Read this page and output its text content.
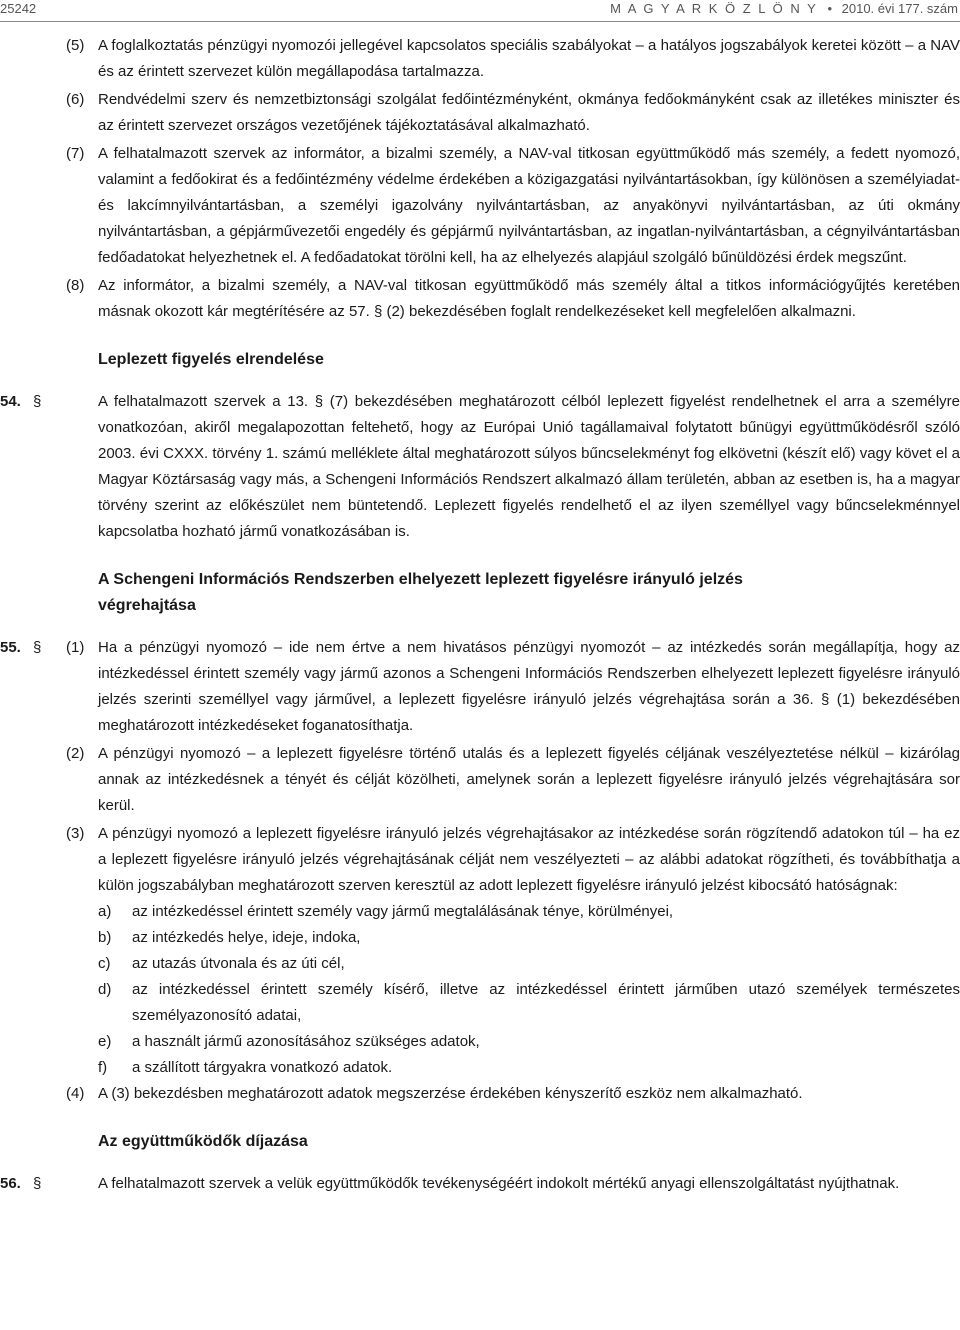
25242	M A G Y A R K Ö Z L Ö N Y • 2010. évi 177. szám
(5) A foglalkoztatás pénzügyi nyomozói jellegével kapcsolatos speciális szabályokat – a hatályos jogszabályok keretei között – a NAV és az érintett szervezet külön megállapodása tartalmazza.
(6) Rendvédelmi szerv és nemzetbiztonsági szolgálat fedőintézményként, okmánya fedőokmányként csak az illetékes miniszter és az érintett szervezet országos vezetőjének tájékoztatásával alkalmazható.
(7) A felhatalmazott szervek az informátor, a bizalmi személy, a NAV-val titkosan együttműködő más személy, a fedett nyomozó, valamint a fedőokirat és a fedőintézmény védelme érdekében a közigazgatási nyilvántartásokban, így különösen a személyiadat- és lakcímnyilvántartásban, a személyi igazolvány nyilvántartásban, az anyakönyvi nyilvántartásban, az úti okmány nyilvántartásban, a gépjárművezetői engedély és gépjármű nyilvántartásban, az ingatlan-nyilvántartásban, a cégnyilvántartásban fedőadatokat helyezhetnek el. A fedőadatokat törölni kell, ha az elhelyezés alapjául szolgáló bűnüldözési érdek megszűnt.
(8) Az informátor, a bizalmi személy, a NAV-val titkosan együttműködő más személy által a titkos információgyűjtés keretében másnak okozott kár megtérítésére az 57. § (2) bekezdésében foglalt rendelkezéseket kell megfelelően alkalmazni.
Leplezett figyelés elrendelése
54. §	A felhatalmazott szervek a 13. § (7) bekezdésében meghatározott célból leplezett figyelést rendelhetnek el arra a személyre vonatkozóan, akiről megalapozottan feltehető, hogy az Európai Unió tagállamaival folytatott bűnügyi együttműködésről szóló 2003. évi CXXX. törvény 1. számú melléklete által meghatározott súlyos bűncselekményt fog elkövetni (készít elő) vagy követ el a Magyar Köztársaság vagy más, a Schengeni Információs Rendszert alkalmazó állam területén, abban az esetben is, ha a magyar törvény szerint az előkészület nem büntetendő. Leplezett figyelés rendelhető el az ilyen személlyel vagy bűncselekménnyel kapcsolatba hozható jármű vonatkozásában is.
A Schengeni Információs Rendszerben elhelyezett leplezett figyelésre irányuló jelzés végrehajtása
55. § (1) Ha a pénzügyi nyomozó – ide nem értve a nem hivatásos pénzügyi nyomozót – az intézkedés során megállapítja, hogy az intézkedéssel érintett személy vagy jármű azonos a Schengeni Információs Rendszerben elhelyezett leplezett figyelésre irányuló jelzés szerinti személlyel vagy járművel, a leplezett figyelésre irányuló jelzés végrehajtása során a 36. § (1) bekezdésében meghatározott intézkedéseket foganatosíthatja.
(2) A pénzügyi nyomozó – a leplezett figyelésre történő utalás és a leplezett figyelés céljának veszélyeztetése nélkül – kizárólag annak az intézkedésnek a tényét és célját közölheti, amelynek során a leplezett figyelésre irányuló jelzés végrehajtására sor kerül.
(3) A pénzügyi nyomozó a leplezett figyelésre irányuló jelzés végrehajtásakor az intézkedése során rögzítendő adatokon túl – ha ez a leplezett figyelésre irányuló jelzés végrehajtásának célját nem veszélyezteti – az alábbi adatokat rögzítheti, és továbbíthatja a külön jogszabályban meghatározott szerven keresztül az adott leplezett figyelésre irányuló jelzést kibocsátó hatóságnak:
a) az intézkedéssel érintett személy vagy jármű megtalálásának ténye, körülményei,
b) az intézkedés helye, ideje, indoka,
c) az utazás útvonala és az úti cél,
d) az intézkedéssel érintett személy kísérő, illetve az intézkedéssel érintett járműben utazó személyek természetes személyazonosító adatai,
e) a használt jármű azonosításához szükséges adatok,
f) a szállított tárgyakra vonatkozó adatok.
(4) A (3) bekezdésben meghatározott adatok megszerzése érdekében kényszerítő eszköz nem alkalmazható.
Az együttműködők díjazása
56. §	A felhatalmazott szervek a velük együttműködők tevékenységéért indokolt mértékű anyagi ellenszolgáltatást nyújthatnak.
